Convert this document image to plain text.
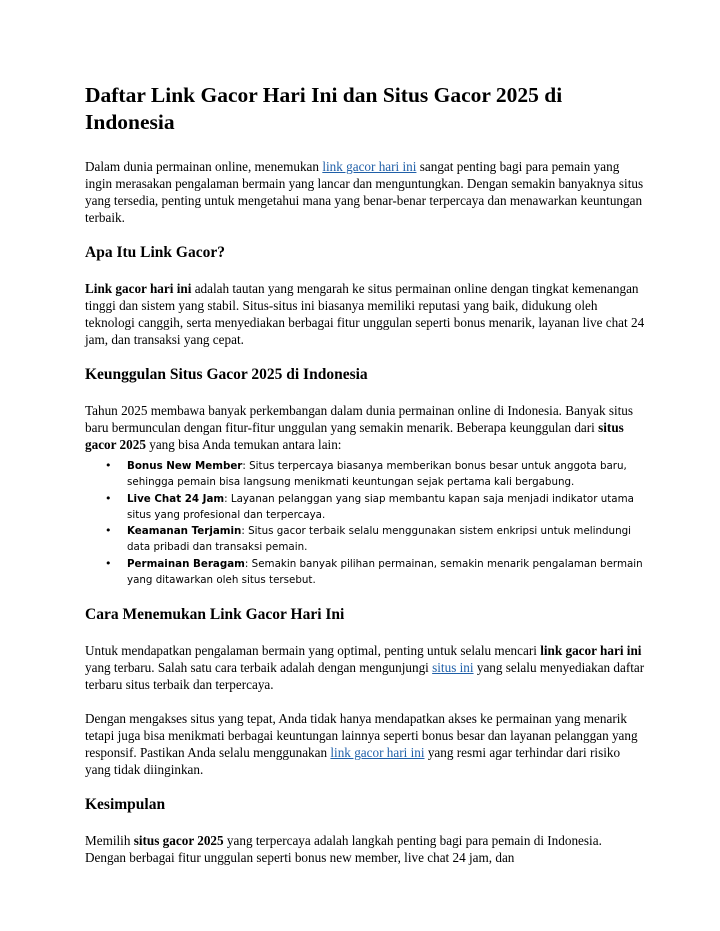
Daftar Link Gacor Hari Ini dan Situs Gacor 2025 di Indonesia

Dalam dunia permainan online, menemukan link gacor hari ini sangat penting bagi para pemain yang ingin merasakan pengalaman bermain yang lancar dan menguntungkan. Dengan semakin banyaknya situs yang tersedia, penting untuk mengetahui mana yang benar-benar terpercaya dan menawarkan keuntungan terbaik.

Apa Itu Link Gacor?

Link gacor hari ini adalah tautan yang mengarah ke situs permainan online dengan tingkat kemenangan tinggi dan sistem yang stabil. Situs-situs ini biasanya memiliki reputasi yang baik, didukung oleh teknologi canggih, serta menyediakan berbagai fitur unggulan seperti bonus menarik, layanan live chat 24 jam, dan transaksi yang cepat.

Keunggulan Situs Gacor 2025 di Indonesia

Tahun 2025 membawa banyak perkembangan dalam dunia permainan online di Indonesia. Banyak situs baru bermunculan dengan fitur-fitur unggulan yang semakin menarik. Beberapa keunggulan dari situs gacor 2025 yang bisa Anda temukan antara lain:

• Bonus New Member: Situs terpercaya biasanya memberikan bonus besar untuk anggota baru, sehingga pemain bisa langsung menikmati keuntungan sejak pertama kali bergabung.
• Live Chat 24 Jam: Layanan pelanggan yang siap membantu kapan saja menjadi indikator utama situs yang profesional dan terpercaya.
• Keamanan Terjamin: Situs gacor terbaik selalu menggunakan sistem enkripsi untuk melindungi data pribadi dan transaksi pemain.
• Permainan Beragam: Semakin banyak pilihan permainan, semakin menarik pengalaman bermain yang ditawarkan oleh situs tersebut.
Cara Menemukan Link Gacor Hari Ini

Untuk mendapatkan pengalaman bermain yang optimal, penting untuk selalu mencari link gacor hari ini yang terbaru. Salah satu cara terbaik adalah dengan mengunjungi situs ini yang selalu menyediakan daftar terbaru situs terbaik dan terpercaya.

Dengan mengakses situs yang tepat, Anda tidak hanya mendapatkan akses ke permainan yang menarik tetapi juga bisa menikmati berbagai keuntungan lainnya seperti bonus besar dan layanan pelanggan yang responsif. Pastikan Anda selalu menggunakan link gacor hari ini yang resmi agar terhindar dari risiko yang tidak diinginkan.

Kesimpulan

Memilih situs gacor 2025 yang terpercaya adalah langkah penting bagi para pemain di Indonesia. Dengan berbagai fitur unggulan seperti bonus new member, live chat 24 jam, dan
